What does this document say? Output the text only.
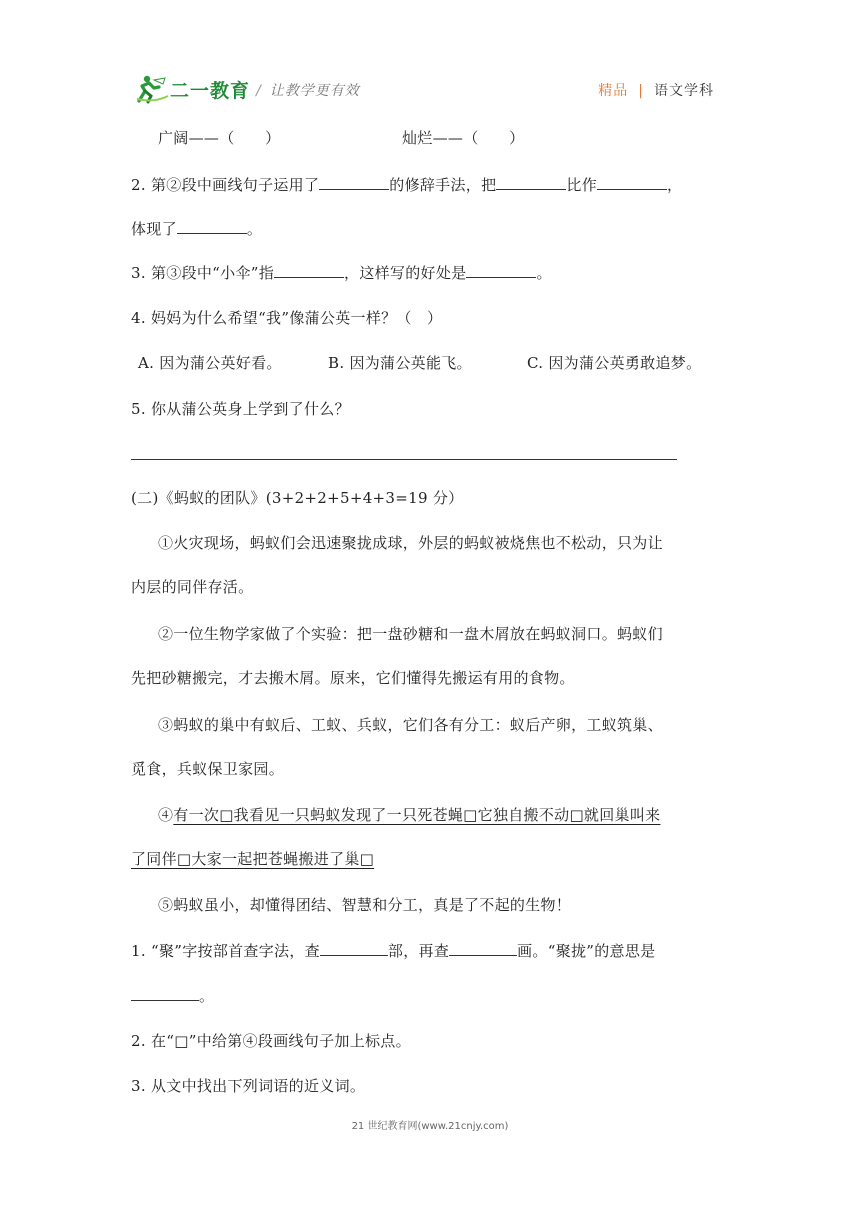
二一教育 / 让教学更有效	精品 | 语文学科
广阔——（　　）	灿烂——（　　）
2. 第②段中画线句子运用了	的修辞手法，把	比作	，
体现了	。
3. 第③段中“小伞”指	，这样写的好处是	。
4. 妈妈为什么希望“我”像蒲公英一样？（　）
A. 因为蒲公英好看。	B. 因为蒲公英能飞。	C. 因为蒲公英勇敢追梦。
5. 你从蒲公英身上学到了什么？
(二)《蚂蚁的团队》(3+2+2+5+4+3=19 分）
①火灾现场，蚂蚁们会迅速聚拢成球，外层的蚂蚁被烧焦也不松动，只为让
内层的同伴存活。
②一位生物学家做了个实验：把一盘砂糖和一盘木屑放在蚂蚁洞口。蚂蚁们
先把砂糖搬完，才去搬木屑。原来，它们懂得先搬运有用的食物。
③蚂蚁的巢中有蚁后、工蚁、兵蚁，它们各有分工：蚁后产卵，工蚁筑巢、
觅食，兵蚁保卫家园。
④有一次□我看见一只蚂蚁发现了一只死苍蝇□它独自搬不动□就回巢叫来
了同伴□大家一起把苍蝇搬进了巢□
⑤蚂蚁虽小，却懂得团结、智慧和分工，真是了不起的生物！
1. “聚”字按部首查字法，查	部，再查	画。“聚拢”的意思是
。
2. 在“□”中给第④段画线句子加上标点。
3. 从文中找出下列词语的近义词。
21 世纪教育网(www.21cnjy.com)
